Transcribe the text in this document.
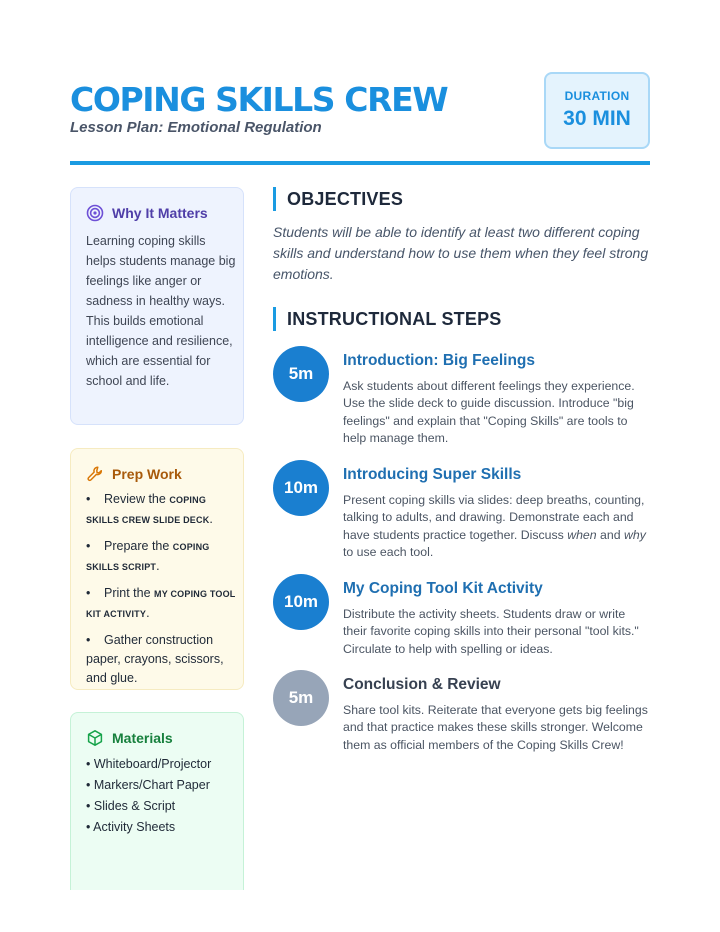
COPING SKILLS CREW
Lesson Plan: Emotional Regulation
DURATION
30 MIN
Why It Matters
Learning coping skills helps students manage big feelings like anger or sadness in healthy ways. This builds emotional intelligence and resilience, which are essential for school and life.
Prep Work
• Review the COPING SKILLS CREW SLIDE DECK.
• Prepare the COPING SKILLS SCRIPT.
• Print the MY COPING TOOL KIT ACTIVITY.
• Gather construction paper, crayons, scissors, and glue.
Materials
• Whiteboard/Projector
• Markers/Chart Paper
• Slides & Script
• Activity Sheets
OBJECTIVES
Students will be able to identify at least two different coping skills and understand how to use them when they feel strong emotions.
INSTRUCTIONAL STEPS
5m
Introduction: Big Feelings
Ask students about different feelings they experience. Use the slide deck to guide discussion. Introduce "big feelings" and explain that "Coping Skills" are tools to help manage them.
10m
Introducing Super Skills
Present coping skills via slides: deep breaths, counting, talking to adults, and drawing. Demonstrate each and have students practice together. Discuss when and why to use each tool.
10m
My Coping Tool Kit Activity
Distribute the activity sheets. Students draw or write their favorite coping skills into their personal "tool kits." Circulate to help with spelling or ideas.
5m
Conclusion & Review
Share tool kits. Reiterate that everyone gets big feelings and that practice makes these skills stronger. Welcome them as official members of the Coping Skills Crew!
